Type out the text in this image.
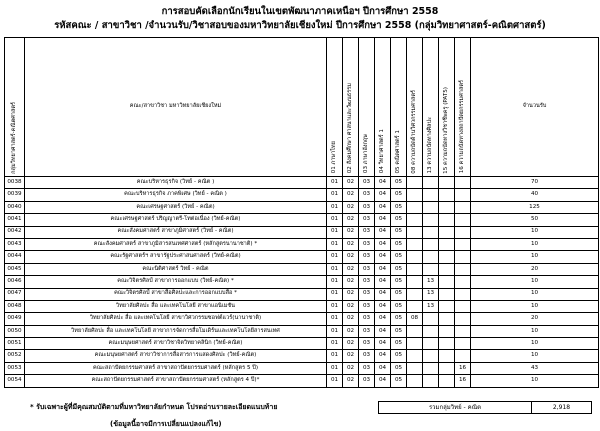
การสอบคัดเลือกนักเรียนในเขตพัฒนาภาคเหนือฯ ปีการศึกษา 2558
รหัสคณะ / สาขาวิชา /จำนวนรับ/วิชาสอบของมหาวิทยาลัยเชียงใหม่ ปีการศึกษา 2558 (กลุ่มวิทยาศาสตร์-คณิตศาสตร์)
กลุ่มวิทยาศาสตร์-คณิตศาสตร์	คณะ/สาขาวิชา มหาวิทยาลัยเชียงใหม่	01 ภาษาไทย	02 สังคมศึกษา ศาสนาและวัฒนธรรม	03 ภาษาอังกฤษ	04 วิทยาศาสตร์ 1	05 คณิตศาสตร์ 1	08 ความถนัดด้านวิศวกรรมศาสตร์	13 ความถนัดทางศิลปะ	15 ความถนัดทางวิชาชีพครู (PAT5)	16 ความถนัดทางสถาปัตยกรรมศาสตร์	จำนวนรับ
0038	คณะบริหารธุรกิจ (วิทย์ - คณิต )	01	02	03	04	05					70
0039	คณะบริหารธุรกิจ ภาคพิเศษ (วิทย์ - คณิต )	01	02	03	04	05					40
0040	คณะเศรษฐศาสตร์ (วิทย์ - คณิต)	01	02	03	04	05					125
0041	คณะเศรษฐศาสตร์ ปริญญาตรี-โทต่อเนื่อง (วิทย์-คณิต)	01	02	03	04	05					50
0042	คณะสังคมศาสตร์ สาขาภูมิศาสตร์ (วิทย์ - คณิต)	01	02	03	04	05					10
0043	คณะสังคมศาสตร์ สาขาภูมิสารสนเทศศาสตร์ (หลักสูตรนานาชาติ) *	01	02	03	04	05					10
0044	คณะรัฐศาสตร์ฯ สาขารัฐประศาสนศาสตร์ (วิทย์-คณิต)	01	02	03	04	05					10
0045	คณะนิติศาสตร์ วิทย์ - คณิต	01	02	03	04	05					20
0046	คณะวิจิตรศิลป์ สาขาการออกแบบ (วิทย์-คณิต) *	01	02	03	04	05		13			10
0047	คณะวิจิตรศิลป์ สาขาสื่อศิลปะและการออกแบบสื่อ *	01	02	03	04	05		13			10
0048	วิทยาลัยศิลปะ สื่อ และเทคโนโลยี สาขาแอนิเมชัน	01	02	03	04	05		13			10
0049	วิทยาลัยศิลปะ สื่อ และเทคโนโลยี สาขาวิศวกรรมซอฟต์แวร์(นานาชาติ)	01	02	03	04	05	08				20
0050	วิทยาลัยศิลปะ สื่อ และเทคโนโลยี สาขาการจัดการสื่อโมเดิร์นและเทคโนโลยีสารสนเทศ	01	02	03	04	05					10
0051	คณะมนุษยศาสตร์ สาขาวิชาจิตวิทยาคลินิก (วิทย์-คณิต)	01	02	03	04	05					10
0052	คณะมนุษยศาสตร์ สาขาวิชาการสื่อสารการแสดงศิลปะ (วิทย์-คณิต)	01	02	03	04	05					10
0053	คณะสถาปัตยกรรมศาสตร์ สาขาสถาปัตยกรรมศาสตร์ (หลักสูตร 5 ปี)	01	02	03	04	05				16	43
0054	คณะสถาปัตยกรรมศาสตร์ สาขาสถาปัตยกรรมศาสตร์ (หลักสูตร 4 ปี)*	01	02	03	04	05				16	10
* รับเฉพาะผู้ที่มีคุณสมบัติตามที่มหาวิทยาลัยกำหนด โปรดอ่านรายละเอียดแนบท้าย
(ข้อมูลนี้อาจมีการเปลี่ยนแปลงแก้ไข)
รวมกลุ่มวิทย์ - คณิต	2,918
